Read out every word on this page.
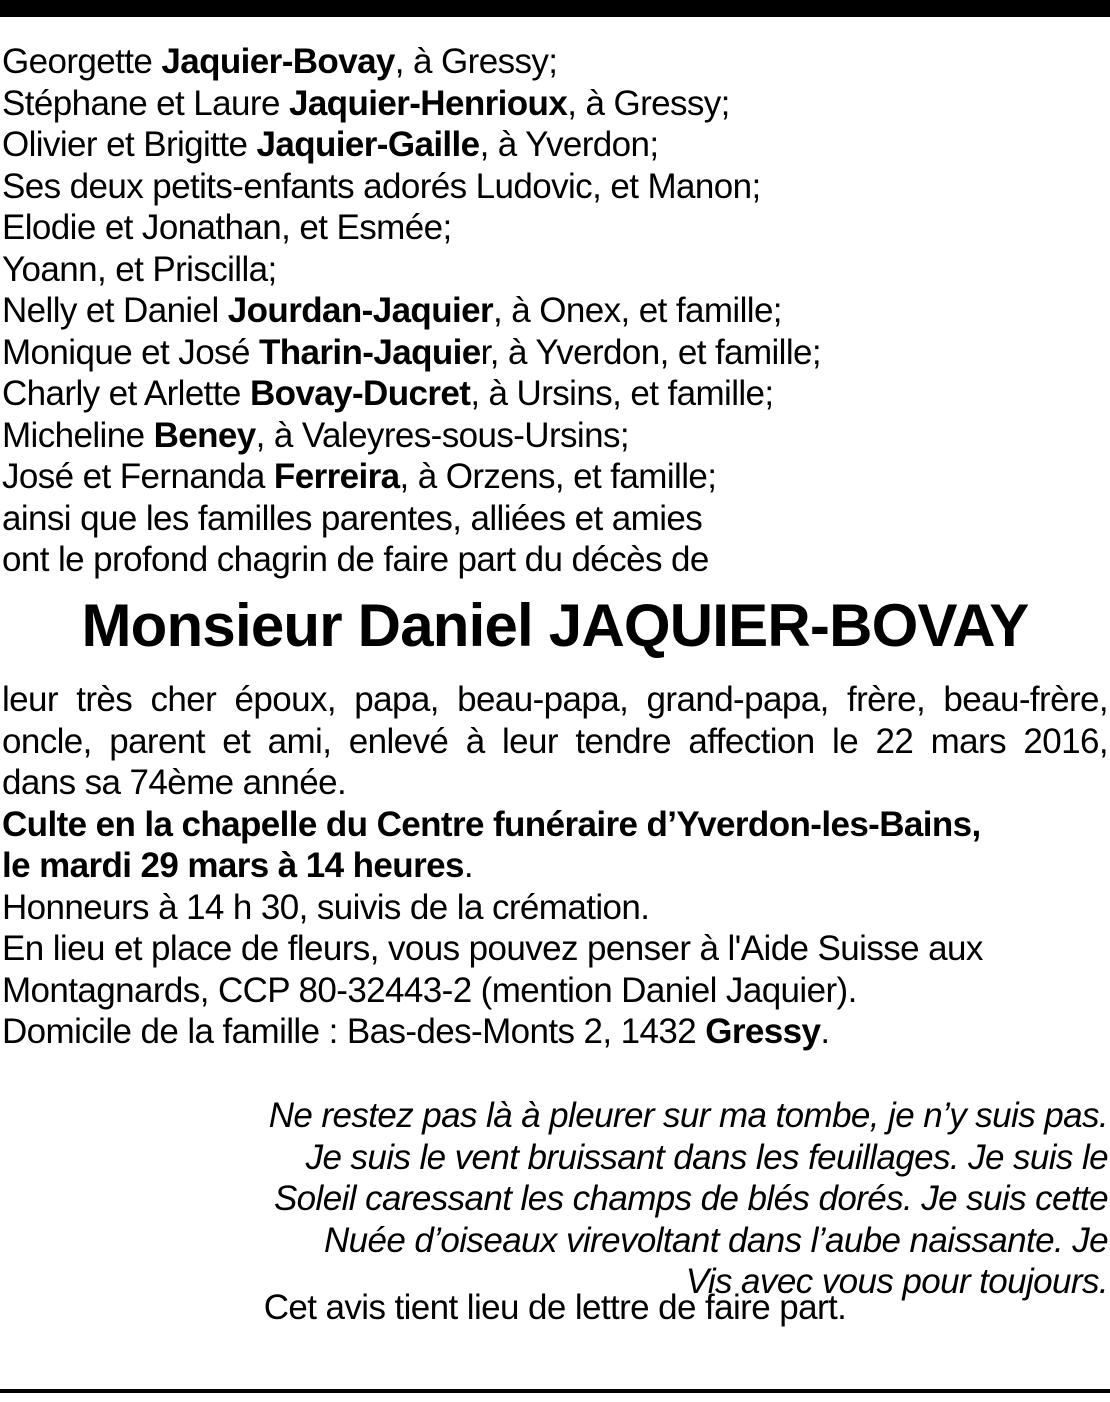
Georgette Jaquier-Bovay, à Gressy;
Stéphane et Laure Jaquier-Henrioux, à Gressy;
Olivier et Brigitte Jaquier-Gaille, à Yverdon;
Ses deux petits-enfants adorés Ludovic, et Manon;
Elodie et Jonathan, et Esmée;
Yoann, et Priscilla;
Nelly et Daniel Jourdan-Jaquier, à Onex, et famille;
Monique et José Tharin-Jaquier, à Yverdon, et famille;
Charly et Arlette Bovay-Ducret, à Ursins, et famille;
Micheline Beney, à Valeyres-sous-Ursins;
José et Fernanda Ferreira, à Orzens, et famille;
ainsi que les familles parentes, alliées et amies
ont le profond chagrin de faire part du décès de
Monsieur Daniel JAQUIER-BOVAY
leur très cher époux, papa, beau-papa, grand-papa, frère, beau-frère,
oncle, parent et ami, enlevé à leur tendre affection le 22 mars 2016,
dans sa 74ème année.
Culte en la chapelle du Centre funéraire d’Yverdon-les-Bains,
le mardi 29 mars à 14 heures.
Honneurs à 14 h 30, suivis de la crémation.
En lieu et place de fleurs, vous pouvez penser à l'Aide Suisse aux
Montagnards, CCP 80-32443-2 (mention Daniel Jaquier).
Domicile de la famille : Bas-des-Monts 2, 1432 Gressy.
Ne restez pas là à pleurer sur ma tombe, je n’y suis pas.
Je suis le vent bruissant dans les feuillages. Je suis le
Soleil caressant les champs de blés dorés. Je suis cette
Nuée d’oiseaux virevoltant dans l’aube naissante. Je
Vis avec vous pour toujours.
Cet avis tient lieu de lettre de faire part.
